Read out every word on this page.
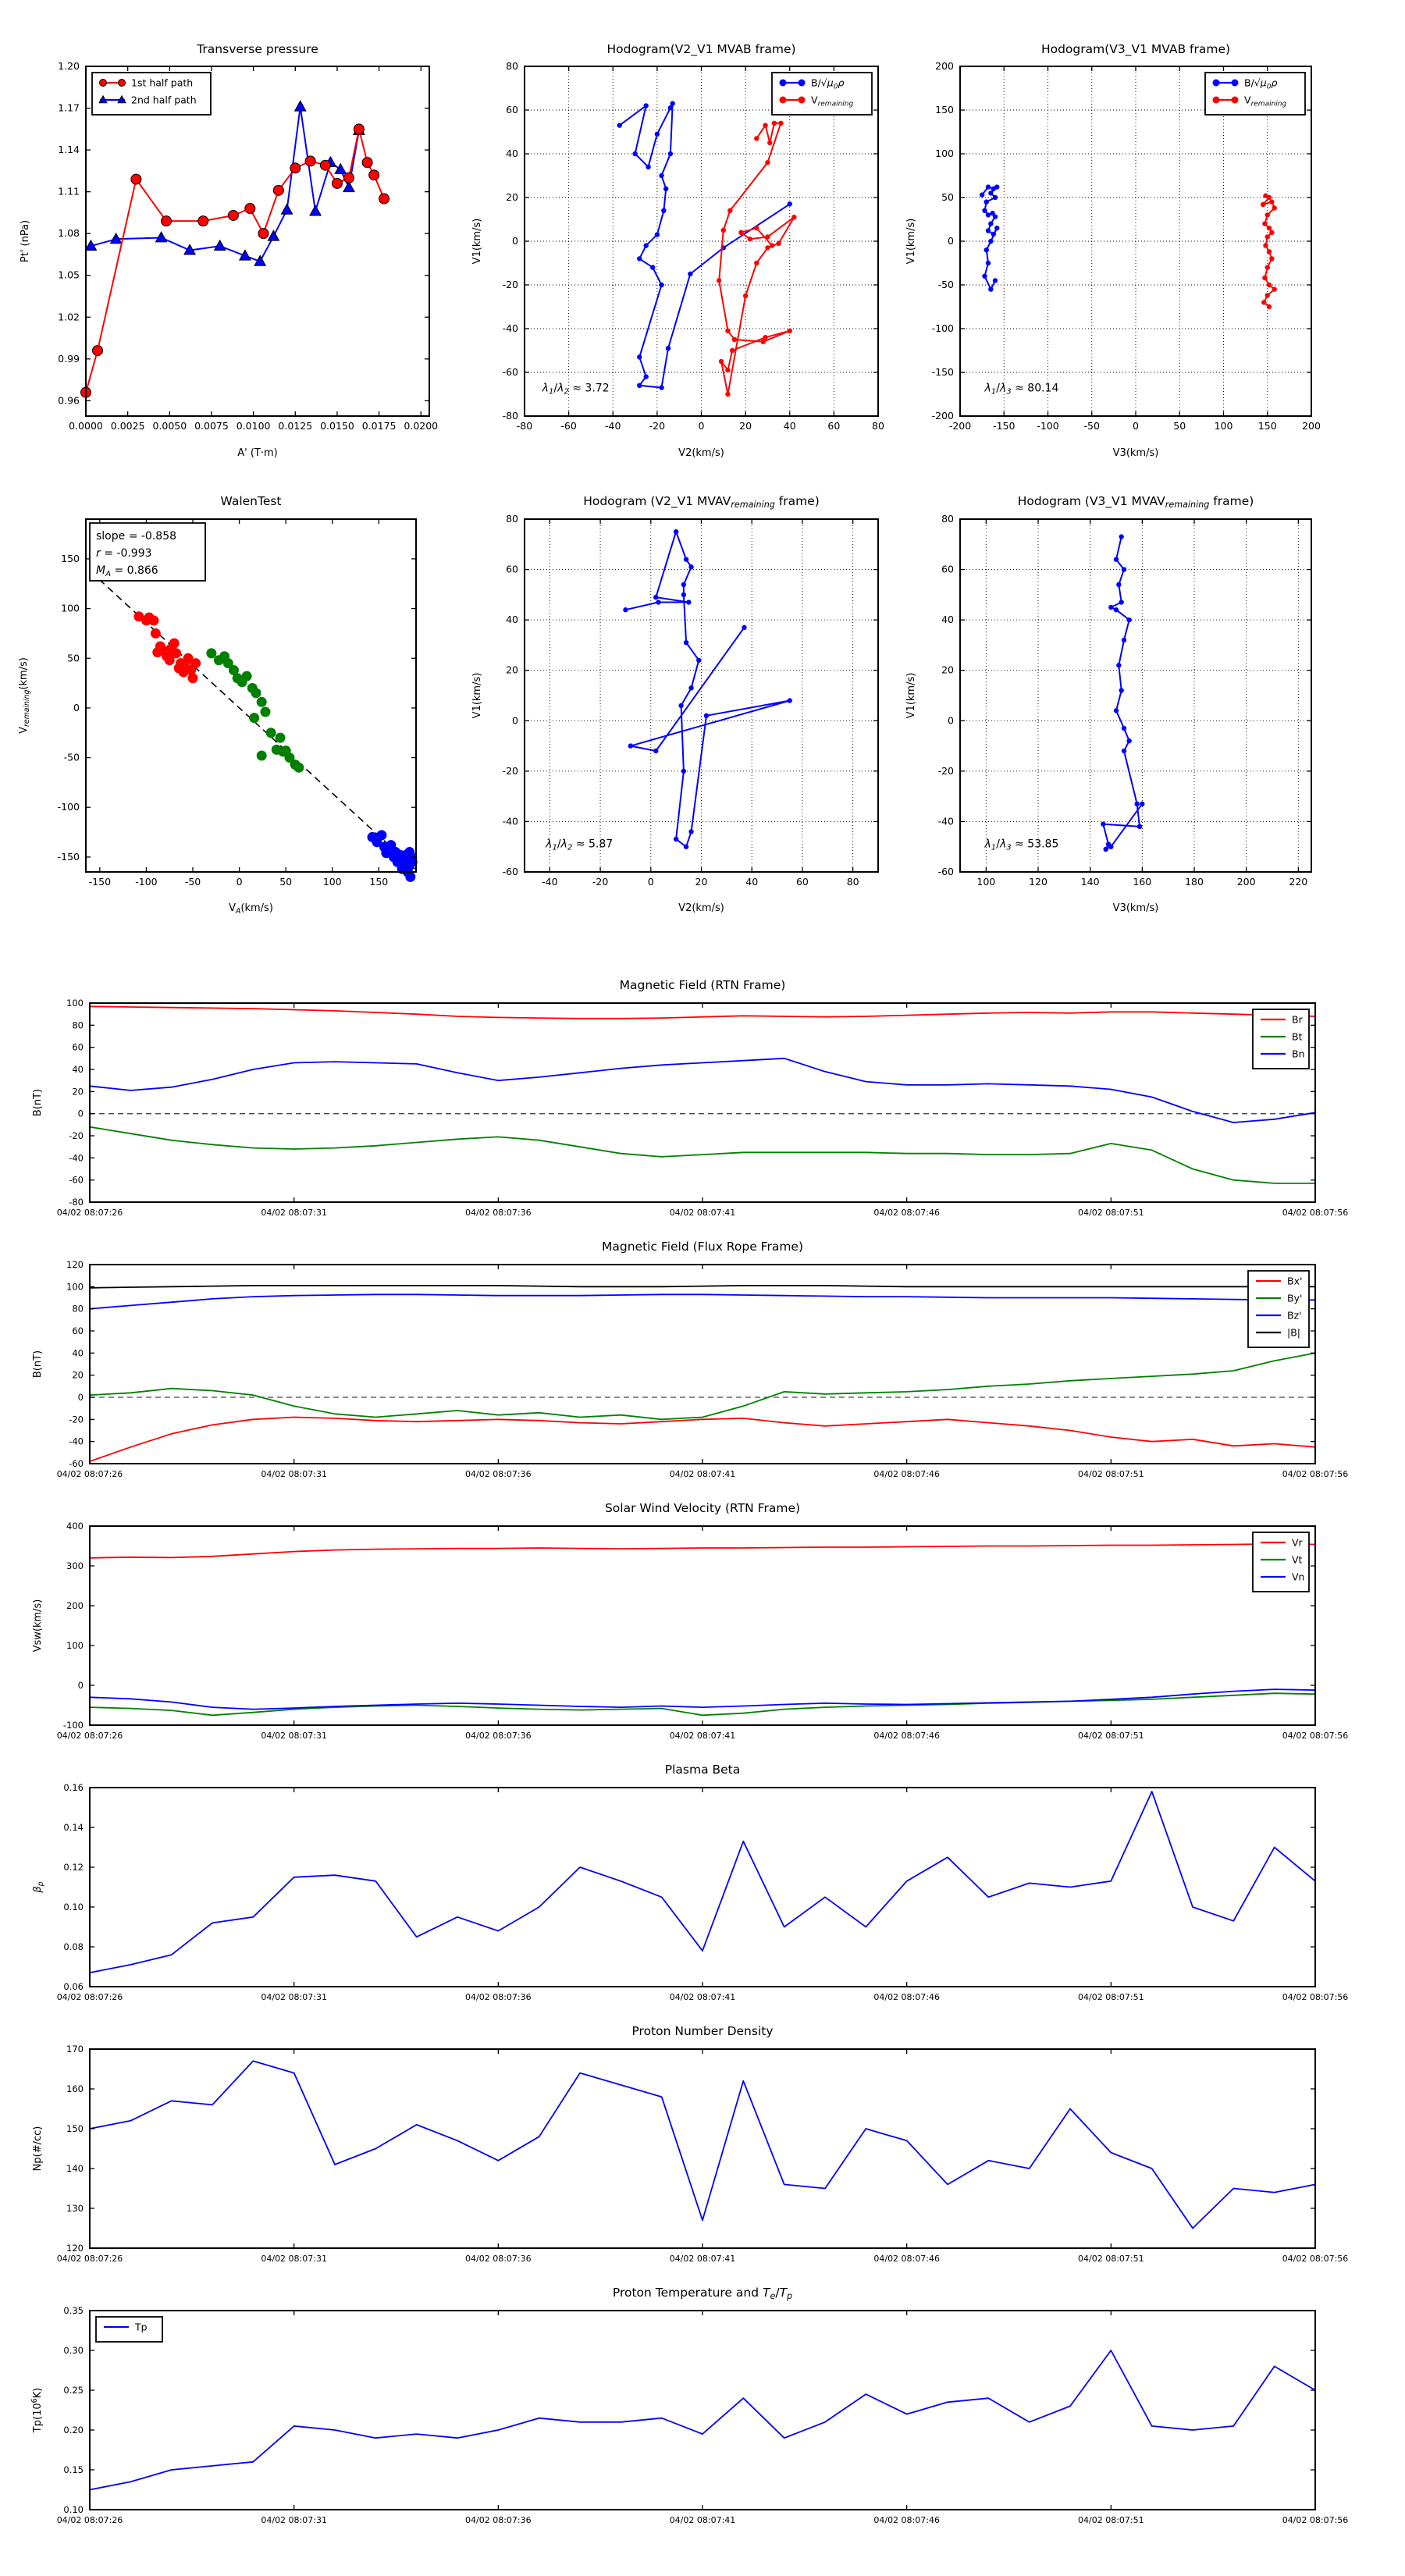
0.0000 0.0025 0.0050 0.0075 0.0100 0.0125 0.0150 0.0175 0.0200
0.96
0.99
1.02
1.05
1.08
1.11
1.14
1.17
1.20
Transverse pressure
A' (T·m)
Pt' (nPa)
1st half path
2nd half path
-80	-60	-40	-20	0	20	40	60	80
-80
-60
-40
-20
0
20
40
60
80
Hodogram(V2_V1 MVAB frame)
V2(km/s)
V1(km/s)
$\lambda_1/\lambda_2 \approx 3.72$
$B/√\mu_0\rho$
$V_{remaining}$
-200 -150 -100	-50	0	50	100	150	200
-200
-150
-100
-50
0
50
100
150
200
Hodogram(V3_V1 MVAB frame)
V3(km/s)
V1(km/s)
$\lambda_1/\lambda_3 \approx 80.14$
$B/√\mu_0\rho$
$V_{remaining}$
-150 -100	-50	0	50	100	150
-150
-100
-50
0
50
100
150
WalenTest
$V_A(km/s)$
$V_{remaining}(km/s)$
slope = -0.858
r = -0.993
$M_A = 0.866$
-40	-20	0	20	40	60	80
-60
-40
-20
0
20
40
60
80
Hodogram (V2_V1 MVAVremaining frame)
V2(km/s)
V1(km/s)
$\lambda_1/\lambda_2 \approx 5.87$
100	120	140	160	180	200	220
-60
-40
-20
0
20
40
60
80
Hodogram (V3_V1 MVAVremaining frame)
V3(km/s)
V1(km/s)
$\lambda_1/\lambda_3 \approx 53.85$
04/02 08:07:26	04/02 08:07:31	04/02 08:07:36	04/02 08:07:41	04/02 08:07:46	04/02 08:07:51	04/02 08:07:56
-80
-60
-40
-20
0
20
40
60
80
100
Magnetic Field (RTN Frame)
B(nT)
Br
Bt
Bn
04/02 08:07:26	04/02 08:07:31	04/02 08:07:36	04/02 08:07:41	04/02 08:07:46	04/02 08:07:51	04/02 08:07:56
-60
-40
-20
0
20
40
60
80
100
120
Magnetic Field (Flux Rope Frame)
B(nT)
Bx'
By'
Bz'
|B|
04/02 08:07:26	04/02 08:07:31	04/02 08:07:36	04/02 08:07:41	04/02 08:07:46	04/02 08:07:51	04/02 08:07:56
-100
0
100
200
300
400
Solar Wind Velocity (RTN Frame)
Vsw(km/s)
Vr
Vt
Vn
04/02 08:07:26	04/02 08:07:31	04/02 08:07:36	04/02 08:07:41	04/02 08:07:46	04/02 08:07:51	04/02 08:07:56
0.06
0.08
0.10
0.12
0.14
0.16
Plasma Beta
$\beta_p$
04/02 08:07:26	04/02 08:07:31	04/02 08:07:36	04/02 08:07:41	04/02 08:07:46	04/02 08:07:51	04/02 08:07:56
120
130
140
150
160
170
Proton Number Density
Np(#/cc)
04/02 08:07:26	04/02 08:07:31	04/02 08:07:36	04/02 08:07:41	04/02 08:07:46	04/02 08:07:51	04/02 08:07:56
0.10
0.15
0.20
0.25
0.30
0.35
Proton Temperature and Te/Tp
$Tp(10^6K)$
Tp
